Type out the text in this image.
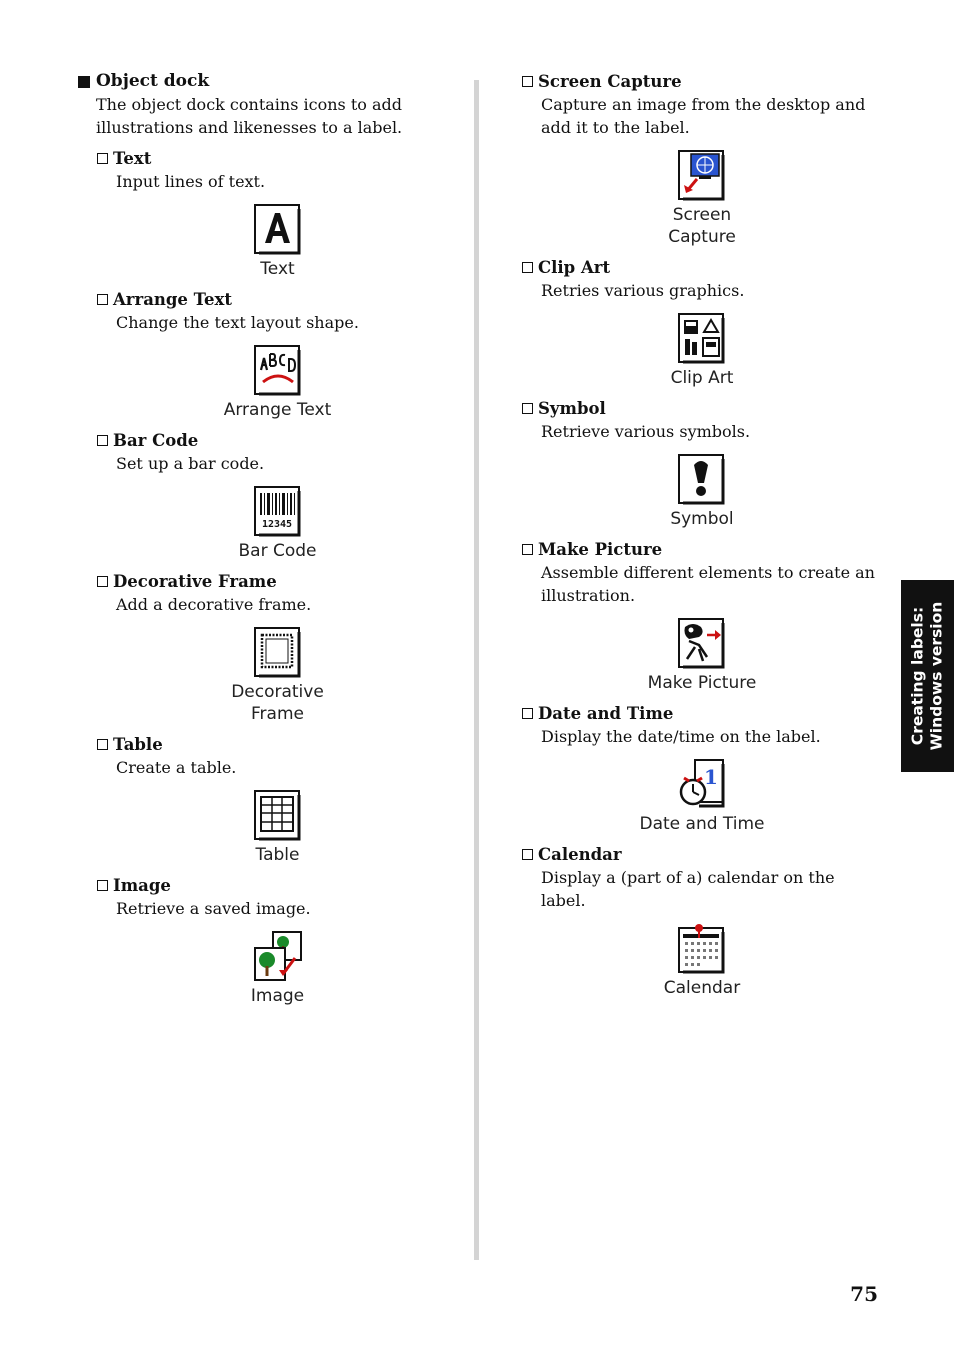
Object dock
The object dock contains icons to add illustrations and likenesses to a label.
Text
Input lines of text.
Text
Arrange Text
Change the text layout shape.
Arrange Text
Bar Code
Set up a bar code.
12345
Bar Code
Decorative Frame
Add a decorative frame.
Decorative
Frame
Table
Create a table.
Table
Image
Retrieve a saved image.
Image
Screen Capture
Capture an image from the desktop and add it to the label.
Screen
Capture
Clip Art
Retries various graphics.
Clip Art
Symbol
Retrieve various symbols.
Symbol
Make Picture
Assemble different elements to create an illustration.
Make Picture
Date and Time
Display the date/time on the label.
1
Date and Time
Calendar
Display a (part of a) calendar on the label.
Calendar
Creating labels: Windows version
75
